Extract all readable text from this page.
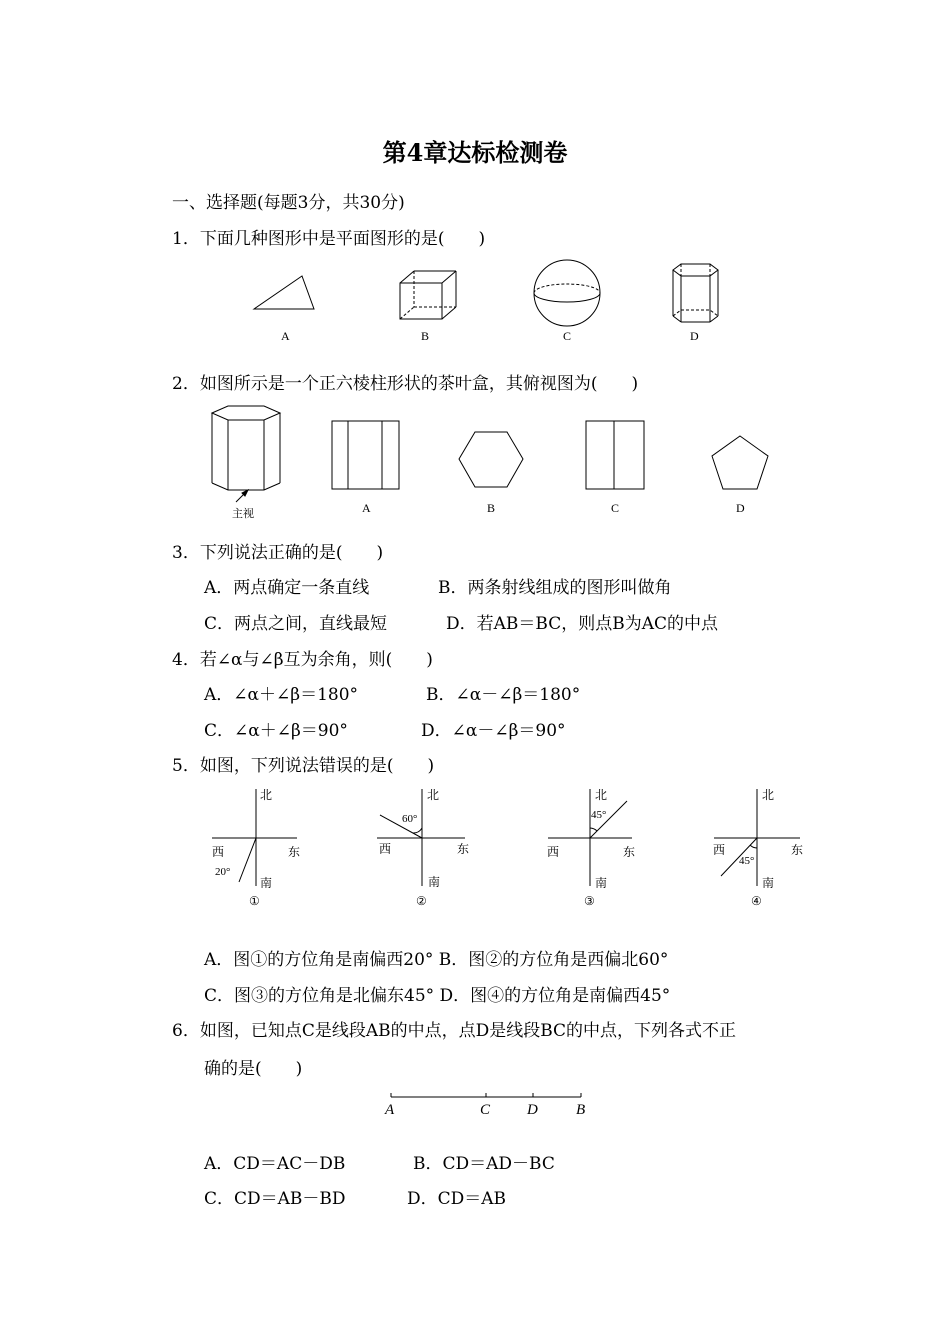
第4章达标检测卷
一、选择题(每题3分，共30分)
1．下面几种图形中是平面图形的是(　　)
A	B	C	D
2．如图所示是一个正六棱柱形状的茶叶盒，其俯视图为(　　)
主视	A	B	C	D
3．下列说法正确的是(　　)
A．两点确定一条直线	B．两条射线组成的图形叫做角
C．两点之间，直线最短	D．若AB＝BC，则点B为AC的中点
4．若∠α与∠β互为余角，则(　　)
A．∠α＋∠β＝180°	B．∠α－∠β＝180°
C．∠α＋∠β＝90°	D．∠α－∠β＝90°
5．如图，下列说法错误的是(　　)
北
西	东
南
20°
①
北
西	东
南
60°
②
北
西	东
南
45°
③
北
西	东
南
45°
④
A．图①的方位角是南偏西20° B．图②的方位角是西偏北60°
C．图③的方位角是北偏东45° D．图④的方位角是南偏西45°
6．如图，已知点C是线段AB的中点，点D是线段BC的中点，下列各式不正
确的是(　　)
A	C D	B
A．CD＝AC－DB	B．CD＝AD－BC
C．CD＝AB－BD	D．CD＝AB
